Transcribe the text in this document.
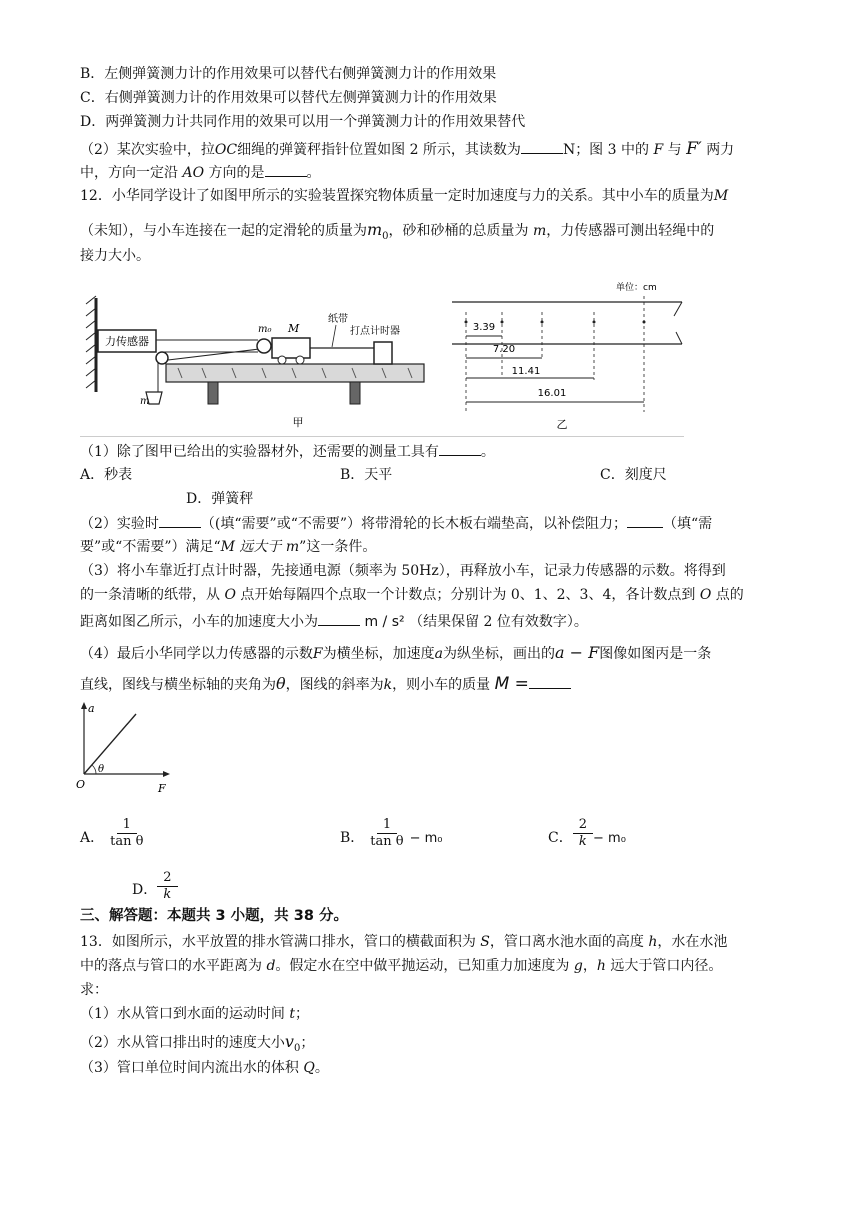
B．左侧弹簧测力计的作用效果可以替代右侧弹簧测力计的作用效果
C．右侧弹簧测力计的作用效果可以替代左侧弹簧测力计的作用效果
D．两弹簧测力计共同作用的效果可以用一个弹簧测力计的作用效果替代
（2）某次实验中，拉OC细绳的弹簧秤指针位置如图 2 所示，其读数为	N；图 3 中的 F 与 F′ 两力
中，方向一定沿 AO 方向的是	。
12．小华同学设计了如图甲所示的实验装置探究物体质量一定时加速度与力的关系。其中小车的质量为M
（未知），与小车连接在一起的定滑轮的质量为$m_0$，砂和砂桶的总质量为 m，力传感器可测出轻绳中的
接力大小。
力传感器
m
m₀ M
纸带
打点计时器
甲
单位：cm
3.39
7.20
11.41
16.01
乙
（1）除了图甲已给出的实验器材外，还需要的测量工具有	。
A．秒表	B．天平	C．刻度尺
D．弹簧秤
（2）实验时	（(填“需要”或“不需要”）将带滑轮的长木板右端垫高，以补偿阻力；	（填“需
要”或“不需要”）满足“M 远大于 m”这一条件。
（3）将小车靠近打点计时器，先接通电源（频率为 50Hz），再释放小车，记录力传感器的示数。将得到
的一条清晰的纸带，从 O 点开始每隔四个点取一个计数点；分别计为 0、1、2、3、4，各计数点到 O 点的
距离如图乙所示，小车的加速度大小为	m / s² （结果保留 2 位有效数字）。
（4）最后小华同学以力传感器的示数F为横坐标，加速度a为纵坐标，画出的a − F图像如图丙是一条
直线，图线与横坐标轴的夹角为θ，图线的斜率为k，则小车的质量 M =
a
O	F
θ
A． $\frac{1}{\text{tan θ}}$	B． $\frac{1}{\text{tan θ}} - m_0$	C． $\frac{2}{k} - m_0$
D． $\frac{2}{k}$
三、解答题：本题共 3 小题，共 38 分。
13．如图所示，水平放置的排水管满口排水，管口的横截面积为 S，管口离水池水面的高度 h，水在水池
中的落点与管口的水平距离为 d。假定水在空中做平抛运动，已知重力加速度为 g，h 远大于管口内径。
求：
（1）水从管口到水面的运动时间 t；
（2）水从管口排出时的速度大小$v_0$；
（3）管口单位时间内流出水的体积 Q。
